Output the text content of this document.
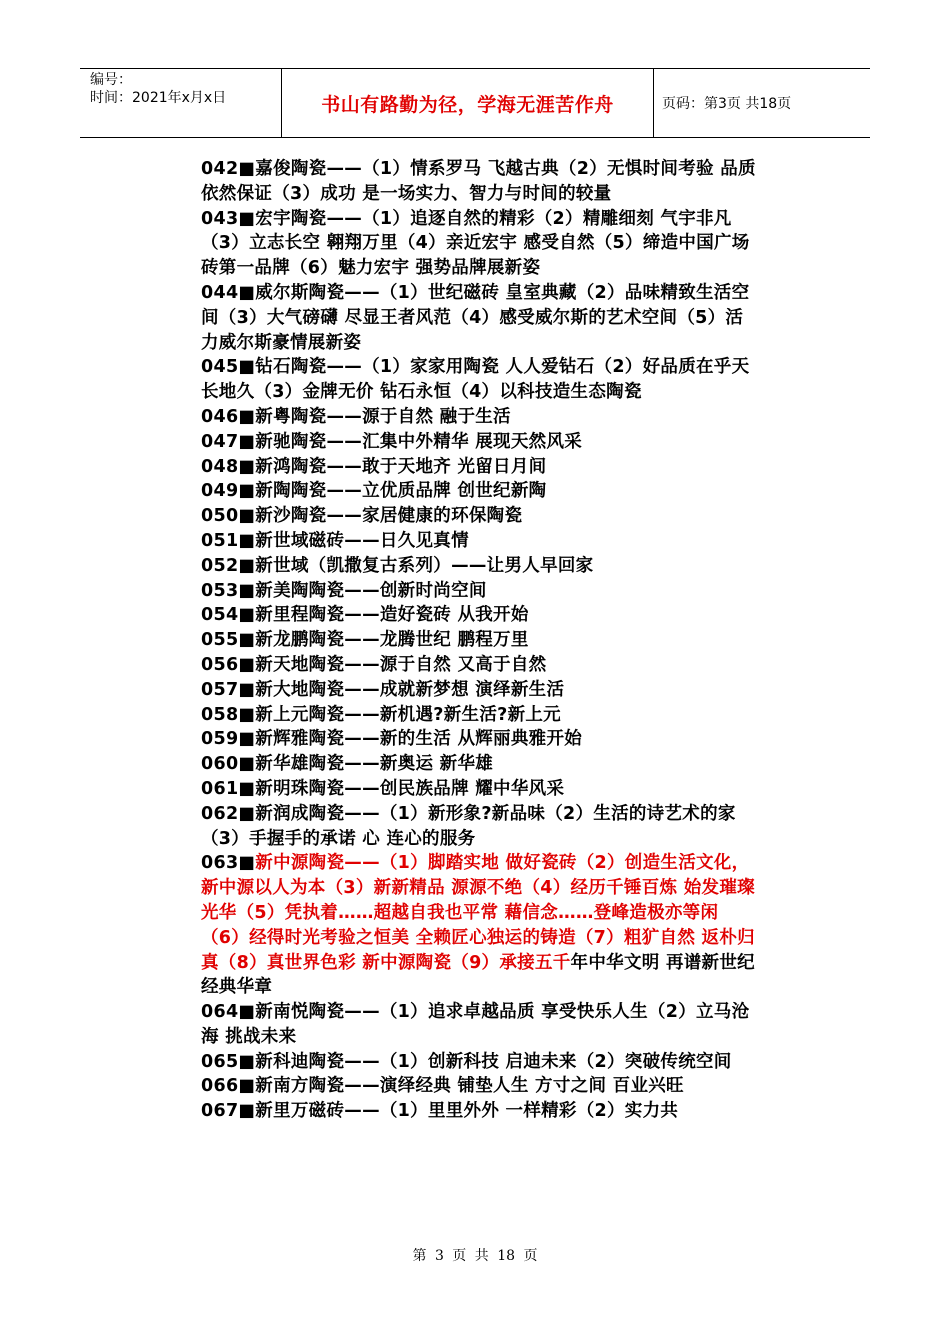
编号：
时间：2021年x月x日	书山有路勤为径，学海无涯苦作舟	页码：第3页 共18页

042■嘉俊陶瓷——（1）情系罗马 飞越古典（2）无惧时间考验 品质依然保证（3）成功 是一场实力、智力与时间的较量

043■宏宇陶瓷——（1）追逐自然的精彩（2）精雕细刻 气宇非凡（3）立志长空 翱翔万里（4）亲近宏宇 感受自然（5）缔造中国广场砖第一品牌（6）魅力宏宇 强势品牌展新姿

044■威尔斯陶瓷——（1）世纪磁砖 皇室典藏（2）品味精致生活空间（3）大气磅礴 尽显王者风范（4）感受威尔斯的艺术空间（5）活力威尔斯豪情展新姿

045■钻石陶瓷——（1）家家用陶瓷 人人爱钻石（2）好品质在乎天长地久（3）金牌无价 钻石永恒（4）以科技造生态陶瓷

046■新粤陶瓷——源于自然 融于生活

047■新驰陶瓷——汇集中外精华 展现天然风采

048■新鸿陶瓷——敢于天地齐 光留日月间

049■新陶陶瓷——立优质品牌 创世纪新陶

050■新沙陶瓷——家居健康的环保陶瓷

051■新世域磁砖——日久见真情

052■新世域（凯撒复古系列）——让男人早回家

053■新美陶陶瓷——创新时尚空间

054■新里程陶瓷——造好瓷砖 从我开始

055■新龙鹏陶瓷——龙腾世纪 鹏程万里

056■新天地陶瓷——源于自然 又高于自然

057■新大地陶瓷——成就新梦想 演绎新生活

058■新上元陶瓷——新机遇?新生活?新上元

059■新辉雅陶瓷——新的生活 从辉丽典雅开始

060■新华雄陶瓷——新奥运 新华雄

061■新明珠陶瓷——创民族品牌 耀中华风采

062■新润成陶瓷——（1）新形象?新品味（2）生活的诗艺术的家（3）手握手的承诺 心 连心的服务

063■新中源陶瓷——（1）脚踏实地 做好瓷砖（2）创造生活文化，新中源以人为本（3）新新精品 源源不绝（4）经历千锤百炼 始发璀璨光华（5）凭执着……超越自我也平常 藉信念……登峰造极亦等闲（6）经得时光考验之恒美 全赖匠心独运的铸造（7）粗犷自然 返朴归真（8）真世界色彩 新中源陶瓷（9）承接五千年中华文明 再谱新世纪经典华章

064■新南悦陶瓷——（1）追求卓越品质 享受快乐人生（2）立马沧海 挑战未来

065■新科迪陶瓷——（1）创新科技 启迪未来（2）突破传统空间

066■新南方陶瓷——演绎经典 铺垫人生 方寸之间 百业兴旺

067■新里万磁砖——（1）里里外外 一样精彩（2）实力共

第 3 页 共 18 页
